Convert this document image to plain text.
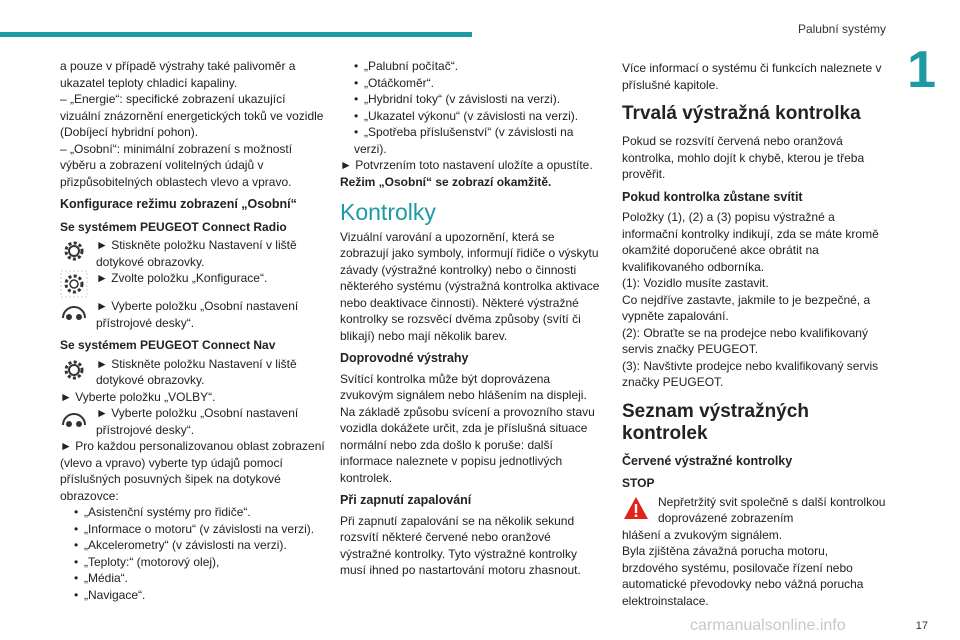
Palubní systémy
1

a pouze v případě výstrahy také palivoměr a ukazatel teploty chladicí kapaliny.

– „Energie“: specifické zobrazení ukazující vizuální znázornění energetických toků ve vozidle (Dobíjecí hybridní pohon).

– „Osobní“: minimální zobrazení s možností výběru a zobrazení volitelných údajů v přizpůsobitelných oblastech vlevo a vpravo.

Konfigurace režimu zobrazení „Osobní“
Se systémem PEUGEOT Connect Radio

► Stiskněte položku Nastavení v liště dotykové obrazovky.

► Zvolte položku „Konfigurace“.

► Vyberte položku „Osobní nastavení přístrojové desky“.

Se systémem PEUGEOT Connect Nav

► Stiskněte položku Nastavení v liště dotykové obrazovky.

► Vyberte položku „VOLBY“.

► Vyberte položku „Osobní nastavení přístrojové desky“.

► Pro každou personalizovanou oblast zobrazení (vlevo a vpravo) vyberte typ údajů pomocí příslušných posuvných šipek na dotykové obrazovce:

• „Asistenční systémy pro řidiče“.

• „Informace o motoru“ (v závislosti na verzi).

• „Akcelerometry“ (v závislosti na verzi).

• „Teploty:“ (motorový olej),

• „Média“.

• „Navigace“.

• „Palubní počítač“.

• „Otáčkoměr“.

• „Hybridní toky“ (v závislosti na verzi).

• „Ukazatel výkonu“ (v závislosti na verzi).

• „Spotřeba příslušenství“ (v závislosti na verzi).

► Potvrzením toto nastavení uložíte a opustíte.

Režim „Osobní“ se zobrazí okamžitě.

Kontrolky

Vizuální varování a upozornění, která se zobrazují jako symboly, informují řidiče o výskytu závady (výstražné kontrolky) nebo o činnosti některého systému (výstražná kontrolka aktivace nebo deaktivace činnosti). Některé výstražné kontrolky se rozsvěcí dvěma způsoby (svítí či blikají) nebo mají několik barev.

Doprovodné výstrahy

Svítící kontrolka může být doprovázena zvukovým signálem nebo hlášením na displeji. Na základě způsobu svícení a provozního stavu vozidla dokážete určit, zda je příslušná situace normální nebo zda došlo k poruše: další informace naleznete v popisu jednotlivých kontrolek.

Při zapnutí zapalování

Při zapnutí zapalování se na několik sekund rozsvítí některé červené nebo oranžové výstražné kontrolky. Tyto výstražné kontrolky musí ihned po nastartování motoru zhasnout.

Více informací o systému či funkcích naleznete v příslušné kapitole.

Trvalá výstražná kontrolka

Pokud se rozsvítí červená nebo oranžová kontrolka, mohlo dojít k chybě, kterou je třeba prověřit.

Pokud kontrolka zůstane svítit

Položky (1), (2) a (3) popisu výstražné a informační kontrolky indikují, zda se máte kromě okamžité doporučené akce obrátit na kvalifikovaného odborníka.

(1): Vozidlo musíte zastavit.

Co nejdříve zastavte, jakmile to je bezpečné, a vypněte zapalování.

(2): Obraťte se na prodejce nebo kvalifikovaný servis značky PEUGEOT.

(3): Navštivte prodejce nebo kvalifikovaný servis značky PEUGEOT.

Seznam výstražných kontrolek
Červené výstražné kontrolky
STOP

Nepřetržitý svit společně s další kontrolkou doprovázené zobrazením

hlášení a zvukovým signálem.

Byla zjištěna závažná porucha motoru, brzdového systému, posilovače řízení nebo automatické převodovky nebo vážná porucha elektroinstalace.

carmanualsonline.info	17
